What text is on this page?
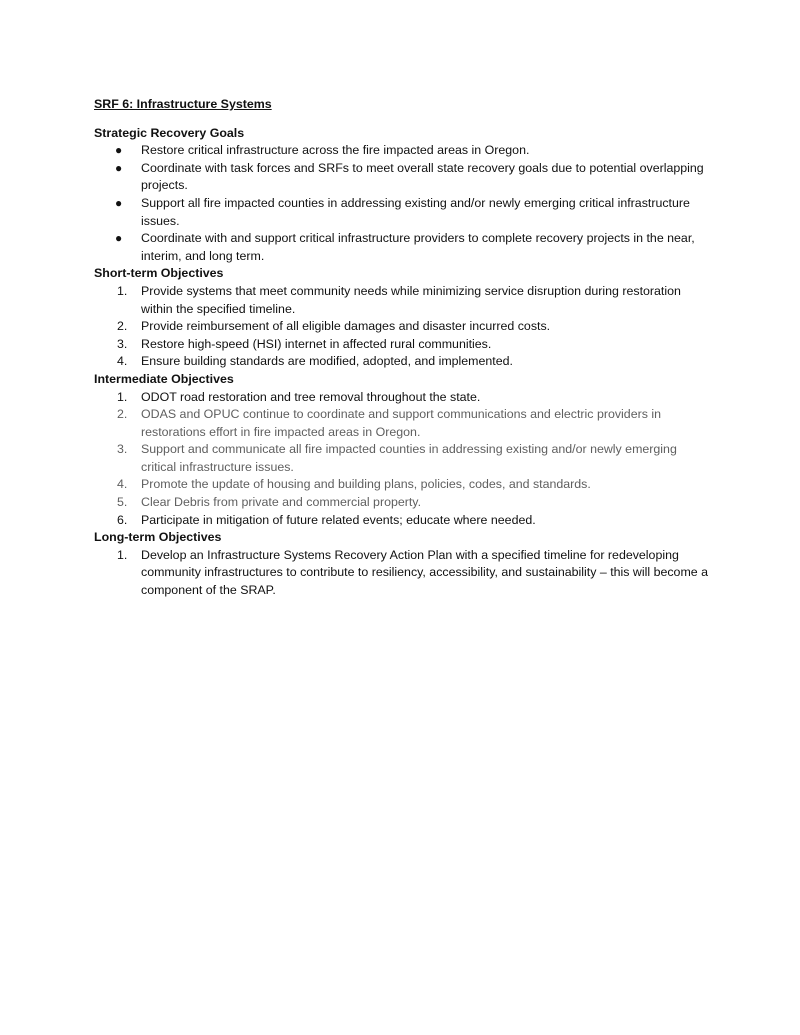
SRF 6: Infrastructure Systems
Strategic Recovery Goals
● Restore critical infrastructure across the fire impacted areas in Oregon.
● Coordinate with task forces and SRFs to meet overall state recovery goals due to potential overlapping projects.
● Support all fire impacted counties in addressing existing and/or newly emerging critical infrastructure issues.
● Coordinate with and support critical infrastructure providers to complete recovery projects in the near, interim, and long term.
Short-term Objectives
1. Provide systems that meet community needs while minimizing service disruption during restoration within the specified timeline.
2. Provide reimbursement of all eligible damages and disaster incurred costs.
3. Restore high-speed (HSI) internet in affected rural communities.
4. Ensure building standards are modified, adopted, and implemented.
Intermediate Objectives
1. ODOT road restoration and tree removal throughout the state.
2. ODAS and OPUC continue to coordinate and support communications and electric providers in restorations effort in fire impacted areas in Oregon.
3. Support and communicate all fire impacted counties in addressing existing and/or newly emerging critical infrastructure issues.
4. Promote the update of housing and building plans, policies, codes, and standards.
5. Clear Debris from private and commercial property.
6. Participate in mitigation of future related events; educate where needed.
Long-term Objectives
1. Develop an Infrastructure Systems Recovery Action Plan with a specified timeline for redeveloping community infrastructures to contribute to resiliency, accessibility, and sustainability – this will become a component of the SRAP.
